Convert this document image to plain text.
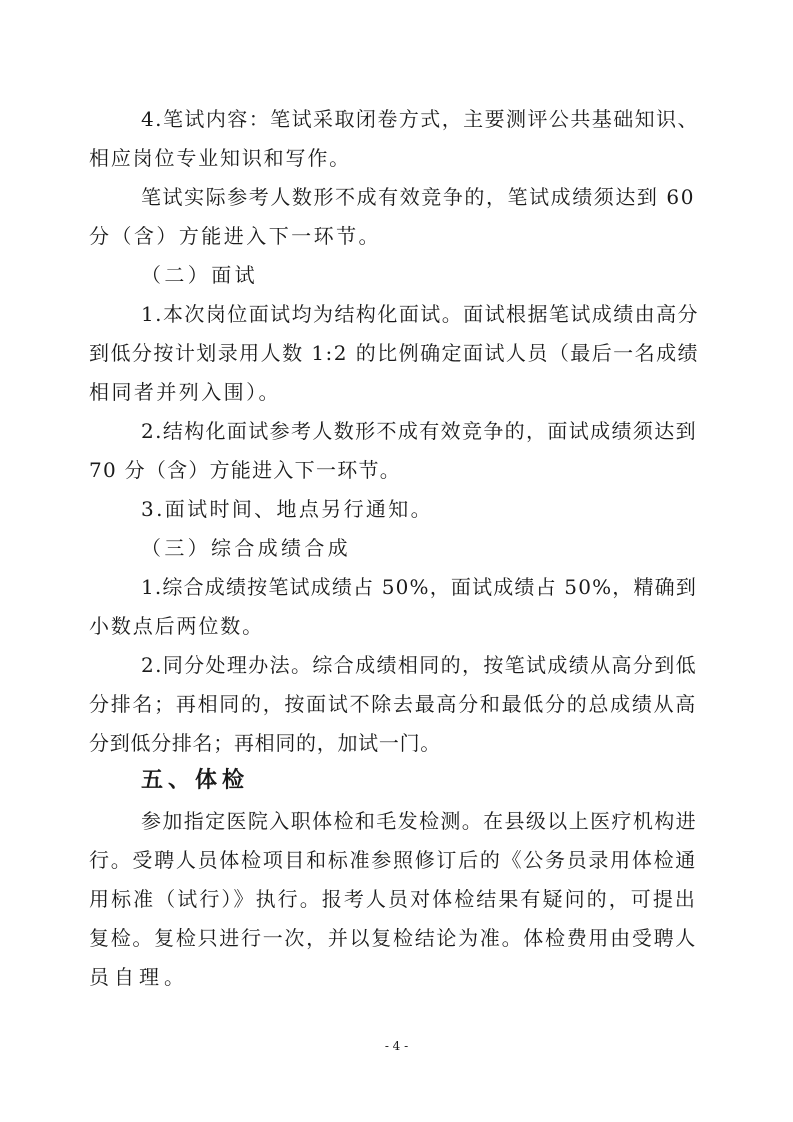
4.笔试内容：笔试采取闭卷方式，主要测评公共基础知识、

相应岗位专业知识和写作。

笔试实际参考人数形不成有效竞争的，笔试成绩须达到 60

分（含）方能进入下一环节。

（二）面试

1.本次岗位面试均为结构化面试。面试根据笔试成绩由高分

到低分按计划录用人数 1:2 的比例确定面试人员（最后一名成绩

相同者并列入围）。

2.结构化面试参考人数形不成有效竞争的，面试成绩须达到

70 分（含）方能进入下一环节。

3.面试时间、地点另行通知。

（三）综合成绩合成

1.综合成绩按笔试成绩占 50%，面试成绩占 50%，精确到

小数点后两位数。

2.同分处理办法。综合成绩相同的，按笔试成绩从高分到低

分排名；再相同的，按面试不除去最高分和最低分的总成绩从高

分到低分排名；再相同的，加试一门。

五、体检

参加指定医院入职体检和毛发检测。在县级以上医疗机构进

行。受聘人员体检项目和标准参照修订后的《公务员录用体检通

用标准（试行）》执行。报考人员对体检结果有疑问的，可提出

复检。复检只进行一次，并以复检结论为准。体检费用由受聘人

员自理。

- 4 -
